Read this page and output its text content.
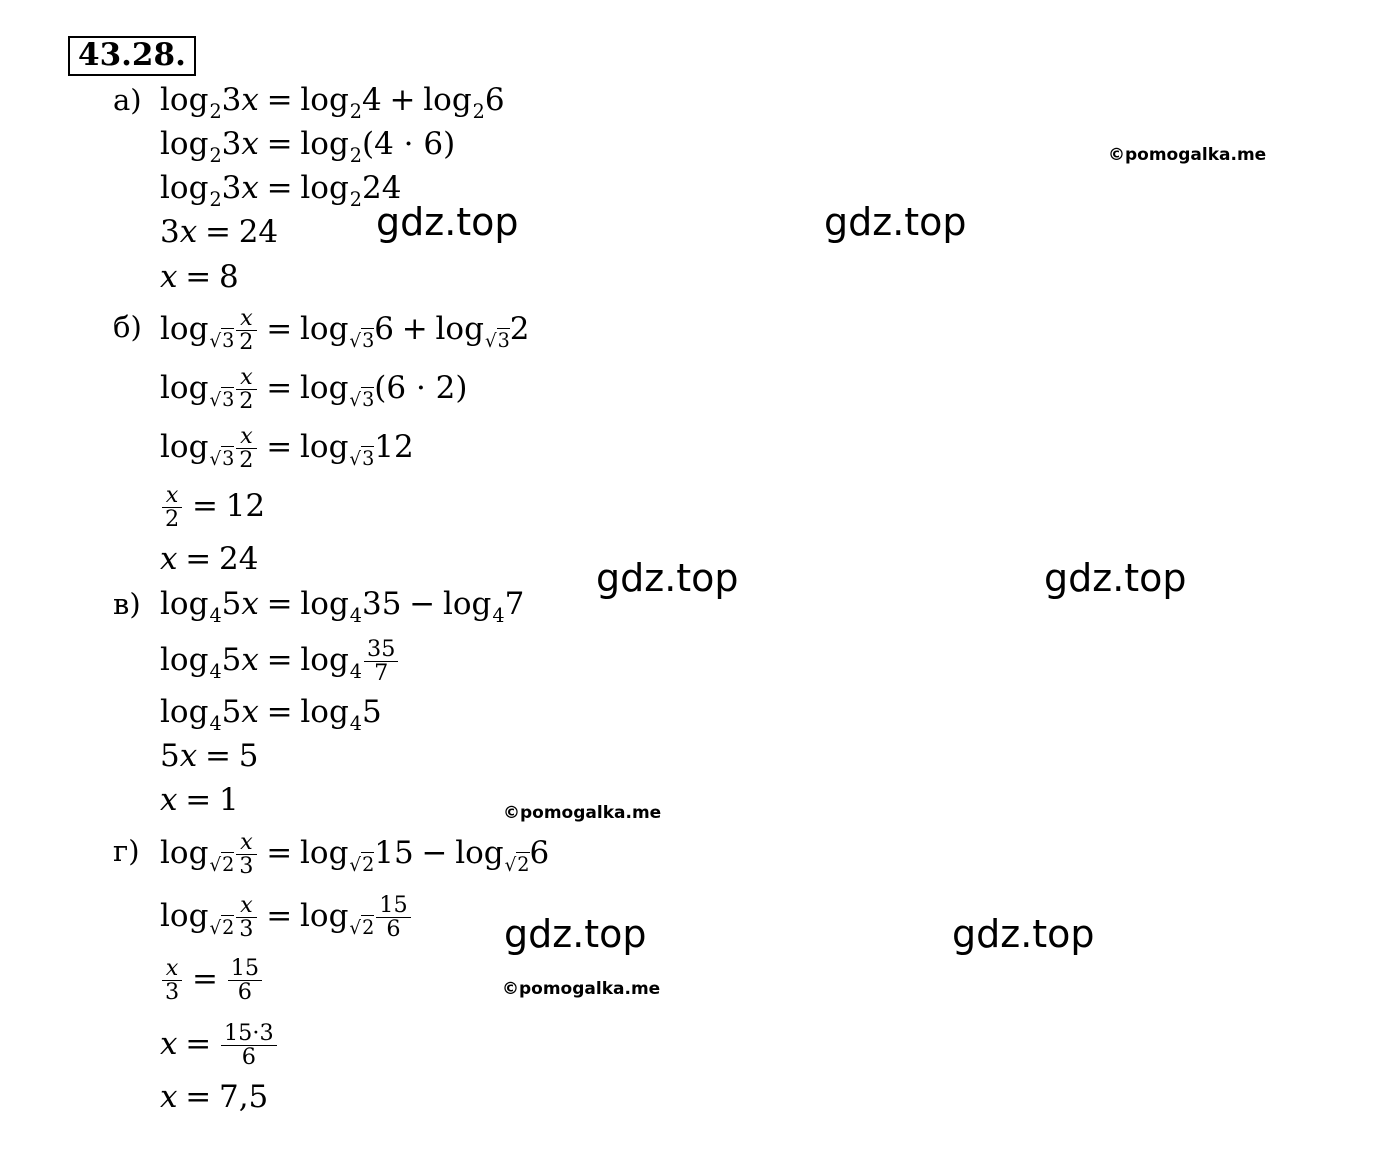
43.28.
а) log23x = log24 + log26
log23x = log2(4 · 6)
log23x = log224
3x = 24
x = 8
б) $\log√3 \frac{x}{2} = \log√36 + \log√32$
$\log√3 \frac{x}{2} = \log√3(6 \cdot 2)$
$\log√3 \frac{x}{2} = \log√312$
$\frac{x}{2} = 12$
x = 24
в) log45x = log435 − log47
$\log 45x = \log 4 \frac{35}{7}$
log45x = log45
5x = 5
x = 1
г) $\log√2 \frac{x}{3} = \log√215 - \log√26$
$\log√2 \frac{x}{3} = \log√2 \frac{15}{6}$
$\frac{x}{3} = \frac{15}{6}$
$x = \frac{15\cdot 3}{6}$
x = 7,5
gdz.top	gdz.top
gdz.top	gdz.top
gdz.top	gdz.top
©pomogalka.me
©pomogalka.me
©pomogalka.me
